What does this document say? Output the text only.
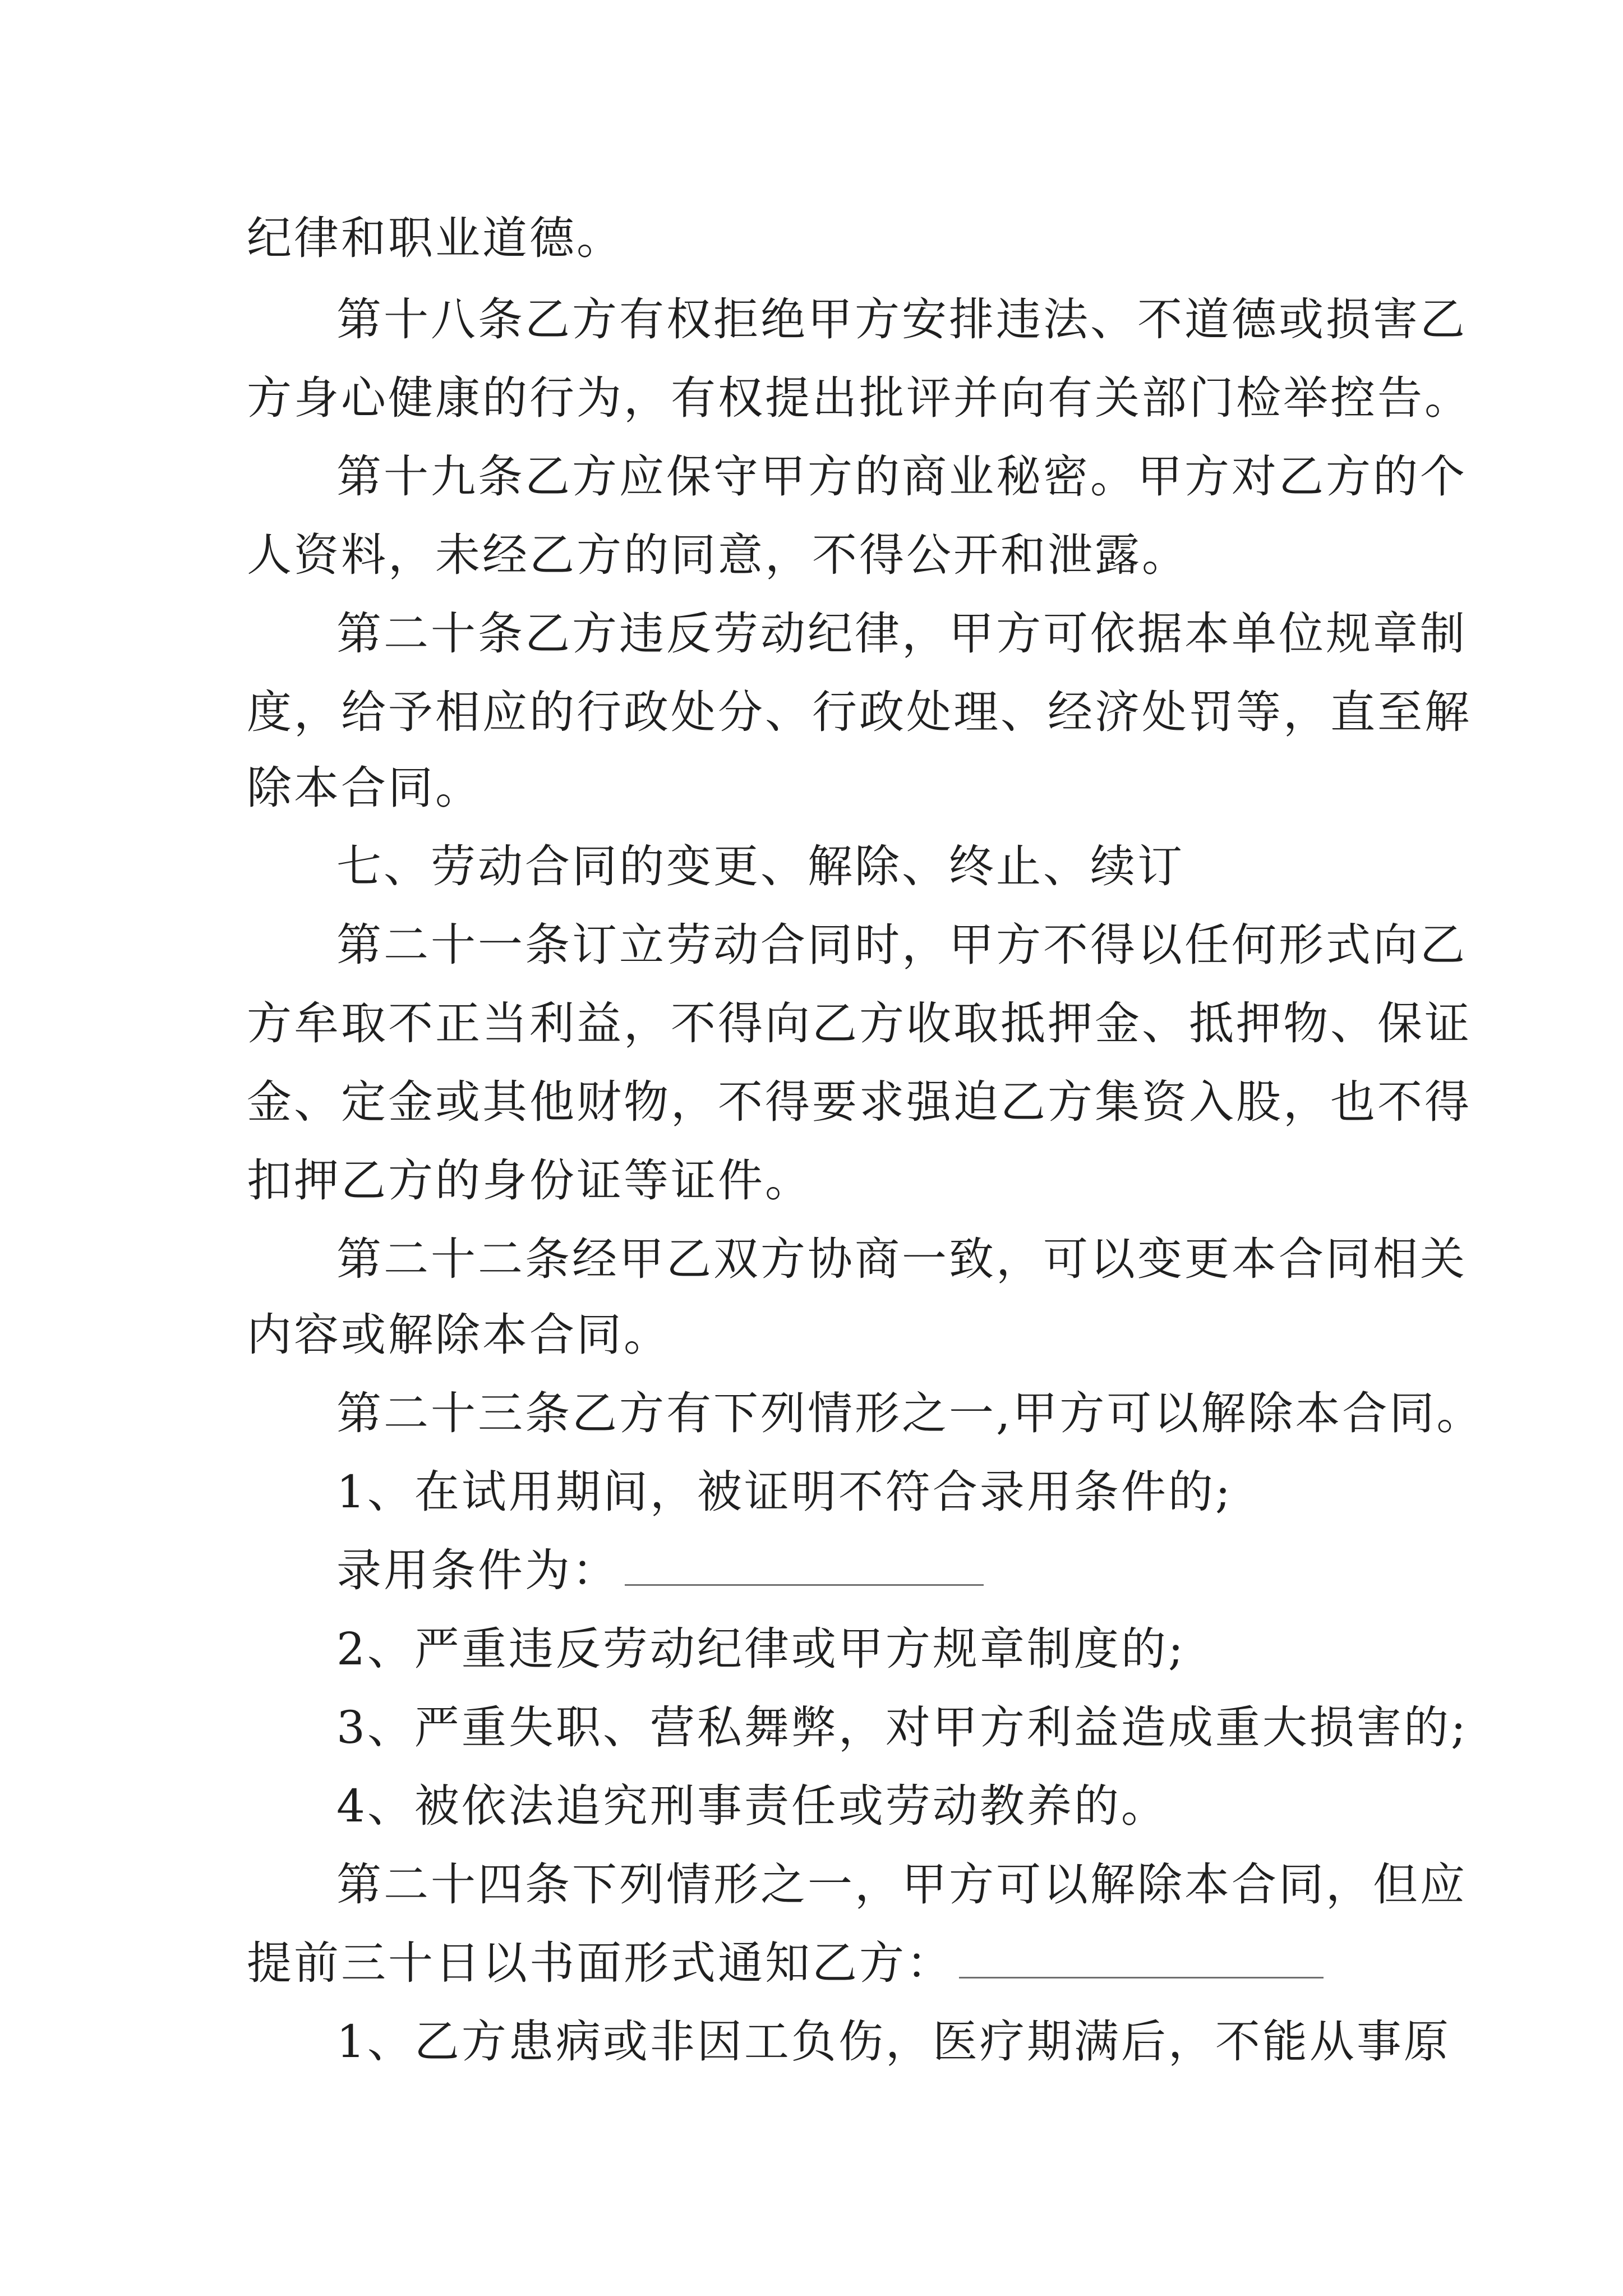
纪律和职业道德。
第十八条乙方有权拒绝甲方安排违法、不道德或损害乙
方身心健康的行为，有权提出批评并向有关部门检举控告。
第十九条乙方应保守甲方的商业秘密。甲方对乙方的个
人资料，未经乙方的同意，不得公开和泄露。
第二十条乙方违反劳动纪律，甲方可依据本单位规章制
度，给予相应的行政处分、行政处理、经济处罚等，直至解
除本合同。
七、劳动合同的变更、解除、终止、续订
第二十一条订立劳动合同时，甲方不得以任何形式向乙
方牟取不正当利益，不得向乙方收取抵押金、抵押物、保证
金、定金或其他财物，不得要求强迫乙方集资入股，也不得
扣押乙方的身份证等证件。
第二十二条经甲乙双方协商一致，可以变更本合同相关
内容或解除本合同。
第二十三条乙方有下列情形之一,甲方可以解除本合同。
1、在试用期间，被证明不符合录用条件的;
录用条件为：
2、严重违反劳动纪律或甲方规章制度的;
3、严重失职、营私舞弊，对甲方利益造成重大损害的;
4、被依法追究刑事责任或劳动教养的。
第二十四条下列情形之一，甲方可以解除本合同，但应
提前三十日以书面形式通知乙方：
1、乙方患病或非因工负伤，医疗期满后，不能从事原
